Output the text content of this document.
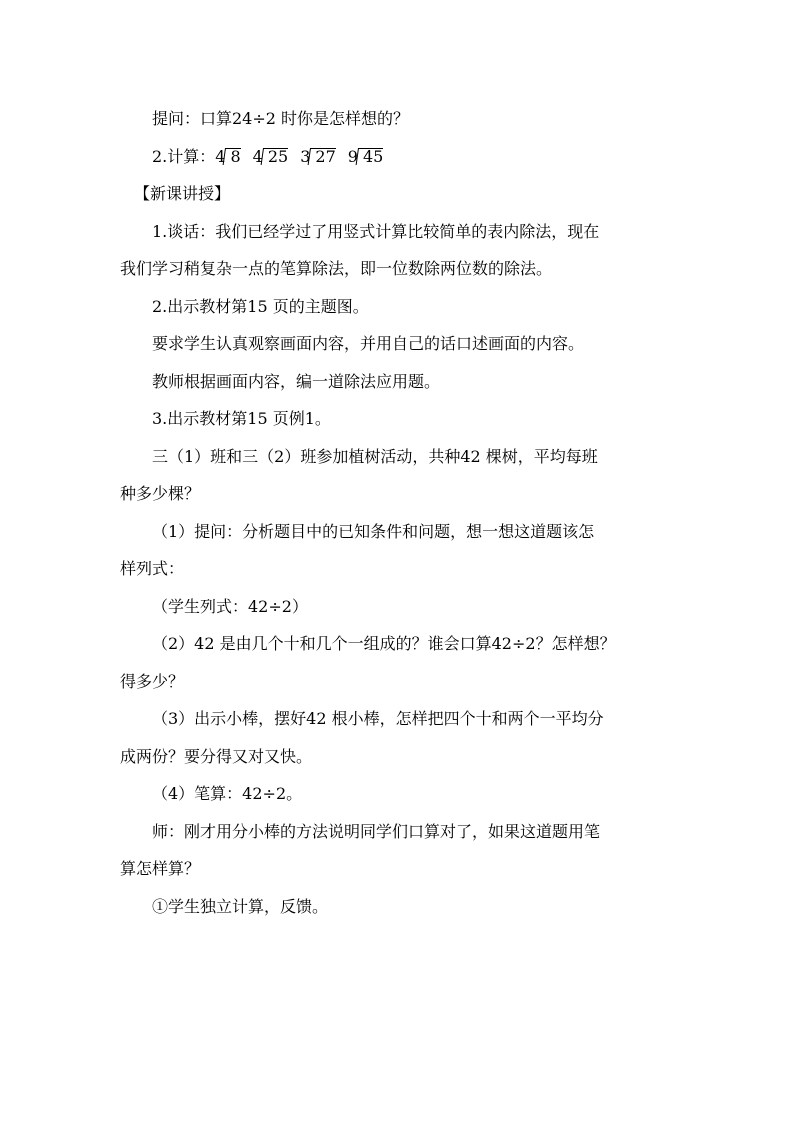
提问：口算24÷2 时你是怎样想的？
2.计算：4 8 4 25 3 27 9 45
【新课讲授】
1.谈话：我们已经学过了用竖式计算比较简单的表内除法，现在
我们学习稍复杂一点的笔算除法，即一位数除两位数的除法。
2.出示教材第15 页的主题图。
要求学生认真观察画面内容，并用自己的话口述画面的内容。
教师根据画面内容，编一道除法应用题。
3.出示教材第15 页例1。
三（1）班和三（2）班参加植树活动，共种42 棵树，平均每班
种多少棵？
（1）提问：分析题目中的已知条件和问题，想一想这道题该怎
样列式：
（学生列式：42÷2）
（2）42 是由几个十和几个一组成的？谁会口算42÷2？怎样想？
得多少？
（3）出示小棒，摆好42 根小棒，怎样把四个十和两个一平均分
成两份？要分得又对又快。
（4）笔算：42÷2。
师：刚才用分小棒的方法说明同学们口算对了，如果这道题用笔
算怎样算？
①学生独立计算，反馈。
